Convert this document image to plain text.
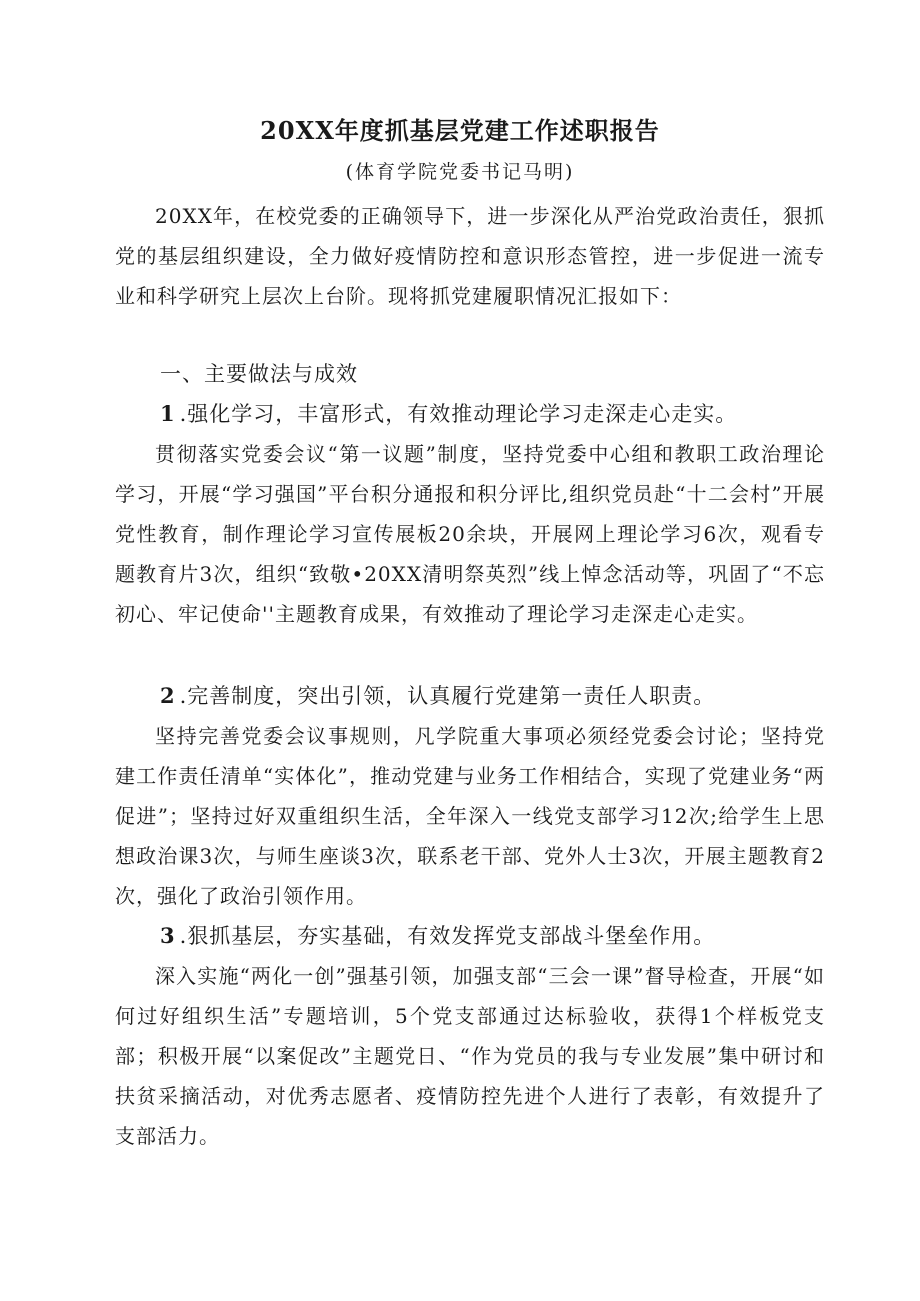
20XX年度抓基层党建工作述职报告
(体育学院党委书记马明)

20XX年，在校党委的正确领导下，进一步深化从严治党政治责任，狠抓党的基层组织建设，全力做好疫情防控和意识形态管控，进一步促进一流专业和科学研究上层次上台阶。现将抓党建履职情况汇报如下：

一、主要做法与成效

1 .强化学习，丰富形式，有效推动理论学习走深走心走实。

贯彻落实党委会议“第一议题”制度，坚持党委中心组和教职工政治理论学习，开展“学习强国”平台积分通报和积分评比,组织党员赴“十二会村”开展党性教育，制作理论学习宣传展板20余块，开展网上理论学习6次，观看专题教育片3次，组织“致敬•20XX清明祭英烈”线上悼念活动等，巩固了“不忘初心、牢记使命''主题教育成果，有效推动了理论学习走深走心走实。

2 .完善制度，突出引领，认真履行党建第一责任人职责。

坚持完善党委会议事规则，凡学院重大事项必须经党委会讨论；坚持党建工作责任清单“实体化”，推动党建与业务工作相结合，实现了党建业务“两促进”；坚持过好双重组织生活，全年深入一线党支部学习12次;给学生上思想政治课3次，与师生座谈3次，联系老干部、党外人士3次，开展主题教育2次，强化了政治引领作用。

3 .狠抓基层，夯实基础，有效发挥党支部战斗堡垒作用。

深入实施“两化一创”强基引领，加强支部“三会一课”督导检查，开展“如何过好组织生活”专题培训，5个党支部通过达标验收，获得1个样板党支部；积极开展“以案促改”主题党日、“作为党员的我与专业发展”集中研讨和扶贫采摘活动，对优秀志愿者、疫情防控先进个人进行了表彰，有效提升了支部活力。
